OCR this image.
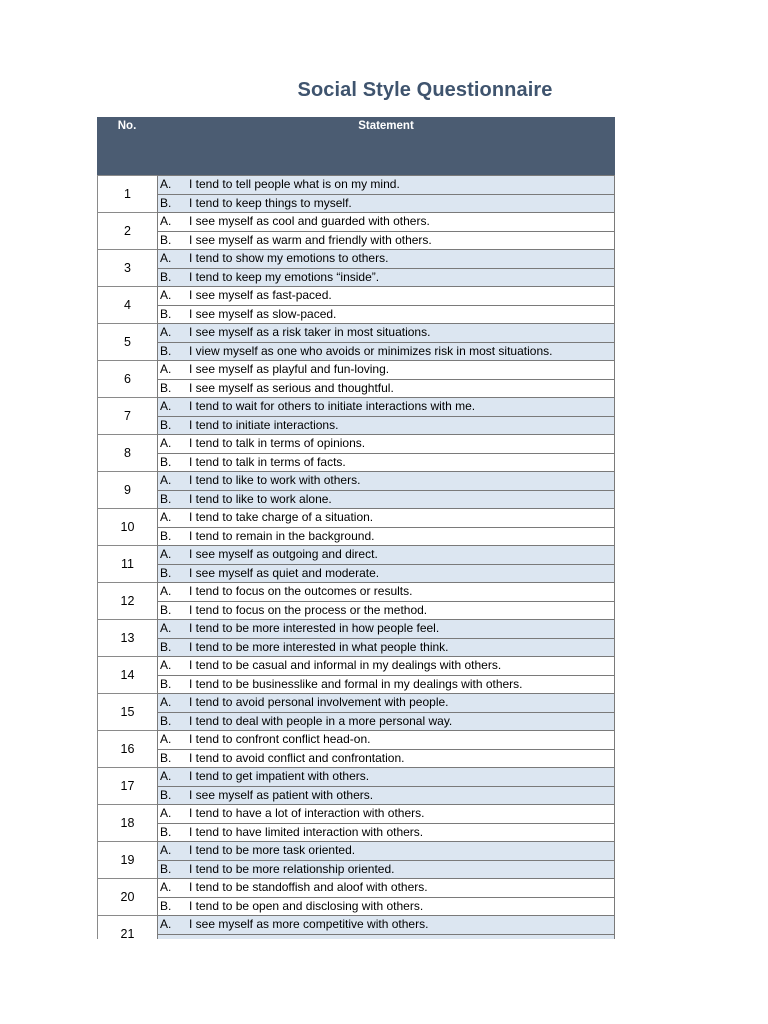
Social Style Questionnaire
No.	Statement
1
A. I tend to tell people what is on my mind.
B. I tend to keep things to myself.
2
A. I see myself as cool and guarded with others.
B. I see myself as warm and friendly with others.
3
A. I tend to show my emotions to others.
B. I tend to keep my emotions “inside”.
4
A. I see myself as fast-paced.
B. I see myself as slow-paced.
5
A. I see myself as a risk taker in most situations.
B. I view myself as one who avoids or minimizes risk in most situations.
6
A. I see myself as playful and fun-loving.
B. I see myself as serious and thoughtful.
7
A. I tend to wait for others to initiate interactions with me.
B. I tend to initiate interactions.
8
A. I tend to talk in terms of opinions.
B. I tend to talk in terms of facts.
9
A. I tend to like to work with others.
B. I tend to like to work alone.
10
A. I tend to take charge of a situation.
B. I tend to remain in the background.
11
A. I see myself as outgoing and direct.
B. I see myself as quiet and moderate.
12
A. I tend to focus on the outcomes or results.
B. I tend to focus on the process or the method.
13
A. I tend to be more interested in how people feel.
B. I tend to be more interested in what people think.
14
A. I tend to be casual and informal in my dealings with others.
B. I tend to be businesslike and formal in my dealings with others.
15
A. I tend to avoid personal involvement with people.
B. I tend to deal with people in a more personal way.
16
A. I tend to confront conflict head-on.
B. I tend to avoid conflict and confrontation.
17
A. I tend to get impatient with others.
B. I see myself as patient with others.
18
A. I tend to have a lot of interaction with others.
B. I tend to have limited interaction with others.
19
A. I tend to be more task oriented.
B. I tend to be more relationship oriented.
20
A. I tend to be standoffish and aloof with others.
B. I tend to be open and disclosing with others.
21
A. I see myself as more competitive with others.
